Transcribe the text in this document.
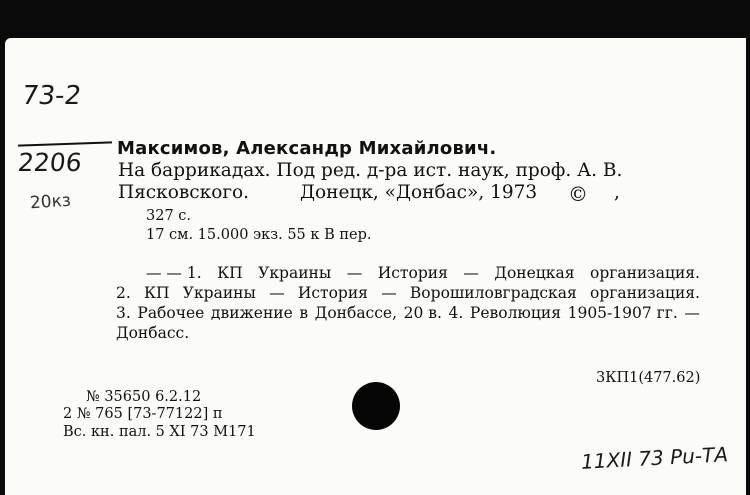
73-2
2206
20кз
Максимов, Александр Михайлович.
На баррикадах. Под ред. д-ра ист. наук, проф. А. В.
Пясковского.	Донецк, «Донбас», 1973 © ,
327 с.
17 см. 15.000 экз. 55 к В пер.
— — 1. КП Украины — История — Донецкая организация.
2. КП Украины — История — Ворошиловградская организация.
3. Рабочее движение в Донбассе, 20 в. 4. Революция 1905-1907 гг. —
Донбасс.
3КП1(477.62)
№ 35650 6.2.12
2 № 765 [73-77122] п
Вс. кн. пал. 5 XI 73 М171
11XII 73 Рu-ТА
